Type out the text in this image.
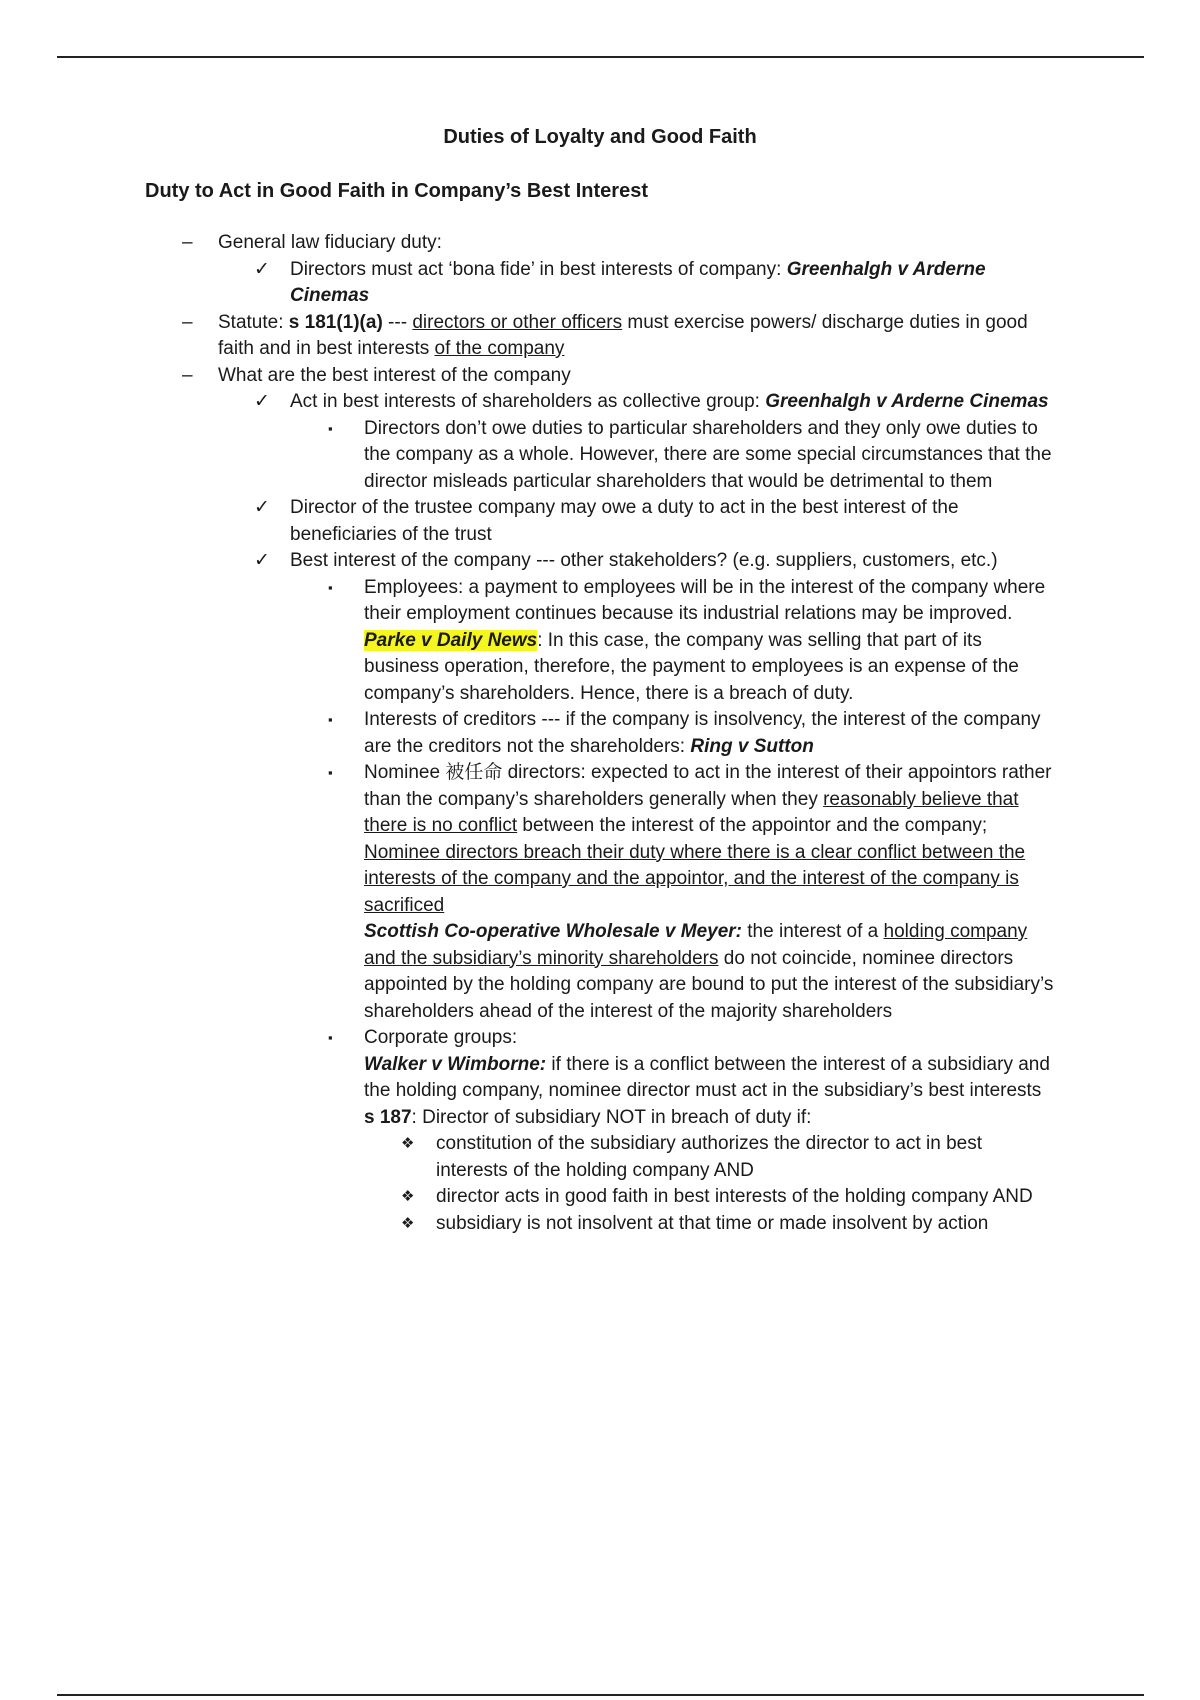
Duties of Loyalty and Good Faith
Duty to Act in Good Faith in Company’s Best Interest
– General law fiduciary duty:
✓ Directors must act ‘bona fide’ in best interests of company: Greenhalgh v Arderne Cinemas
– Statute: s 181(1)(a) --- directors or other officers must exercise powers/ discharge duties in good faith and in best interests of the company
– What are the best interest of the company
✓ Act in best interests of shareholders as collective group: Greenhalgh v Arderne Cinemas
▪ Directors don’t owe duties to particular shareholders and they only owe duties to the company as a whole. However, there are some special circumstances that the director misleads particular shareholders that would be detrimental to them
✓ Director of the trustee company may owe a duty to act in the best interest of the beneficiaries of the trust
✓ Best interest of the company --- other stakeholders? (e.g. suppliers, customers, etc.)
▪ Employees: a payment to employees will be in the interest of the company where their employment continues because its industrial relations may be improved.
Parke v Daily News: In this case, the company was selling that part of its business operation, therefore, the payment to employees is an expense of the company’s shareholders. Hence, there is a breach of duty.
▪ Interests of creditors --- if the company is insolvency, the interest of the company are the creditors not the shareholders: Ring v Sutton
▪ Nominee 被任命 directors: expected to act in the interest of their appointors rather than the company’s shareholders generally when they reasonably believe that there is no conflict between the interest of the appointor and the company; Nominee directors breach their duty where there is a clear conflict between the interests of the company and the appointor, and the interest of the company is sacrificed
Scottish Co-operative Wholesale v Meyer: the interest of a holding company and the subsidiary’s minority shareholders do not coincide, nominee directors appointed by the holding company are bound to put the interest of the subsidiary’s shareholders ahead of the interest of the majority shareholders
▪ Corporate groups:
Walker v Wimborne: if there is a conflict between the interest of a subsidiary and the holding company, nominee director must act in the subsidiary’s best interests
s 187: Director of subsidiary NOT in breach of duty if:
❖ constitution of the subsidiary authorizes the director to act in best interests of the holding company AND
❖ director acts in good faith in best interests of the holding company AND
❖ subsidiary is not insolvent at that time or made insolvent by action
